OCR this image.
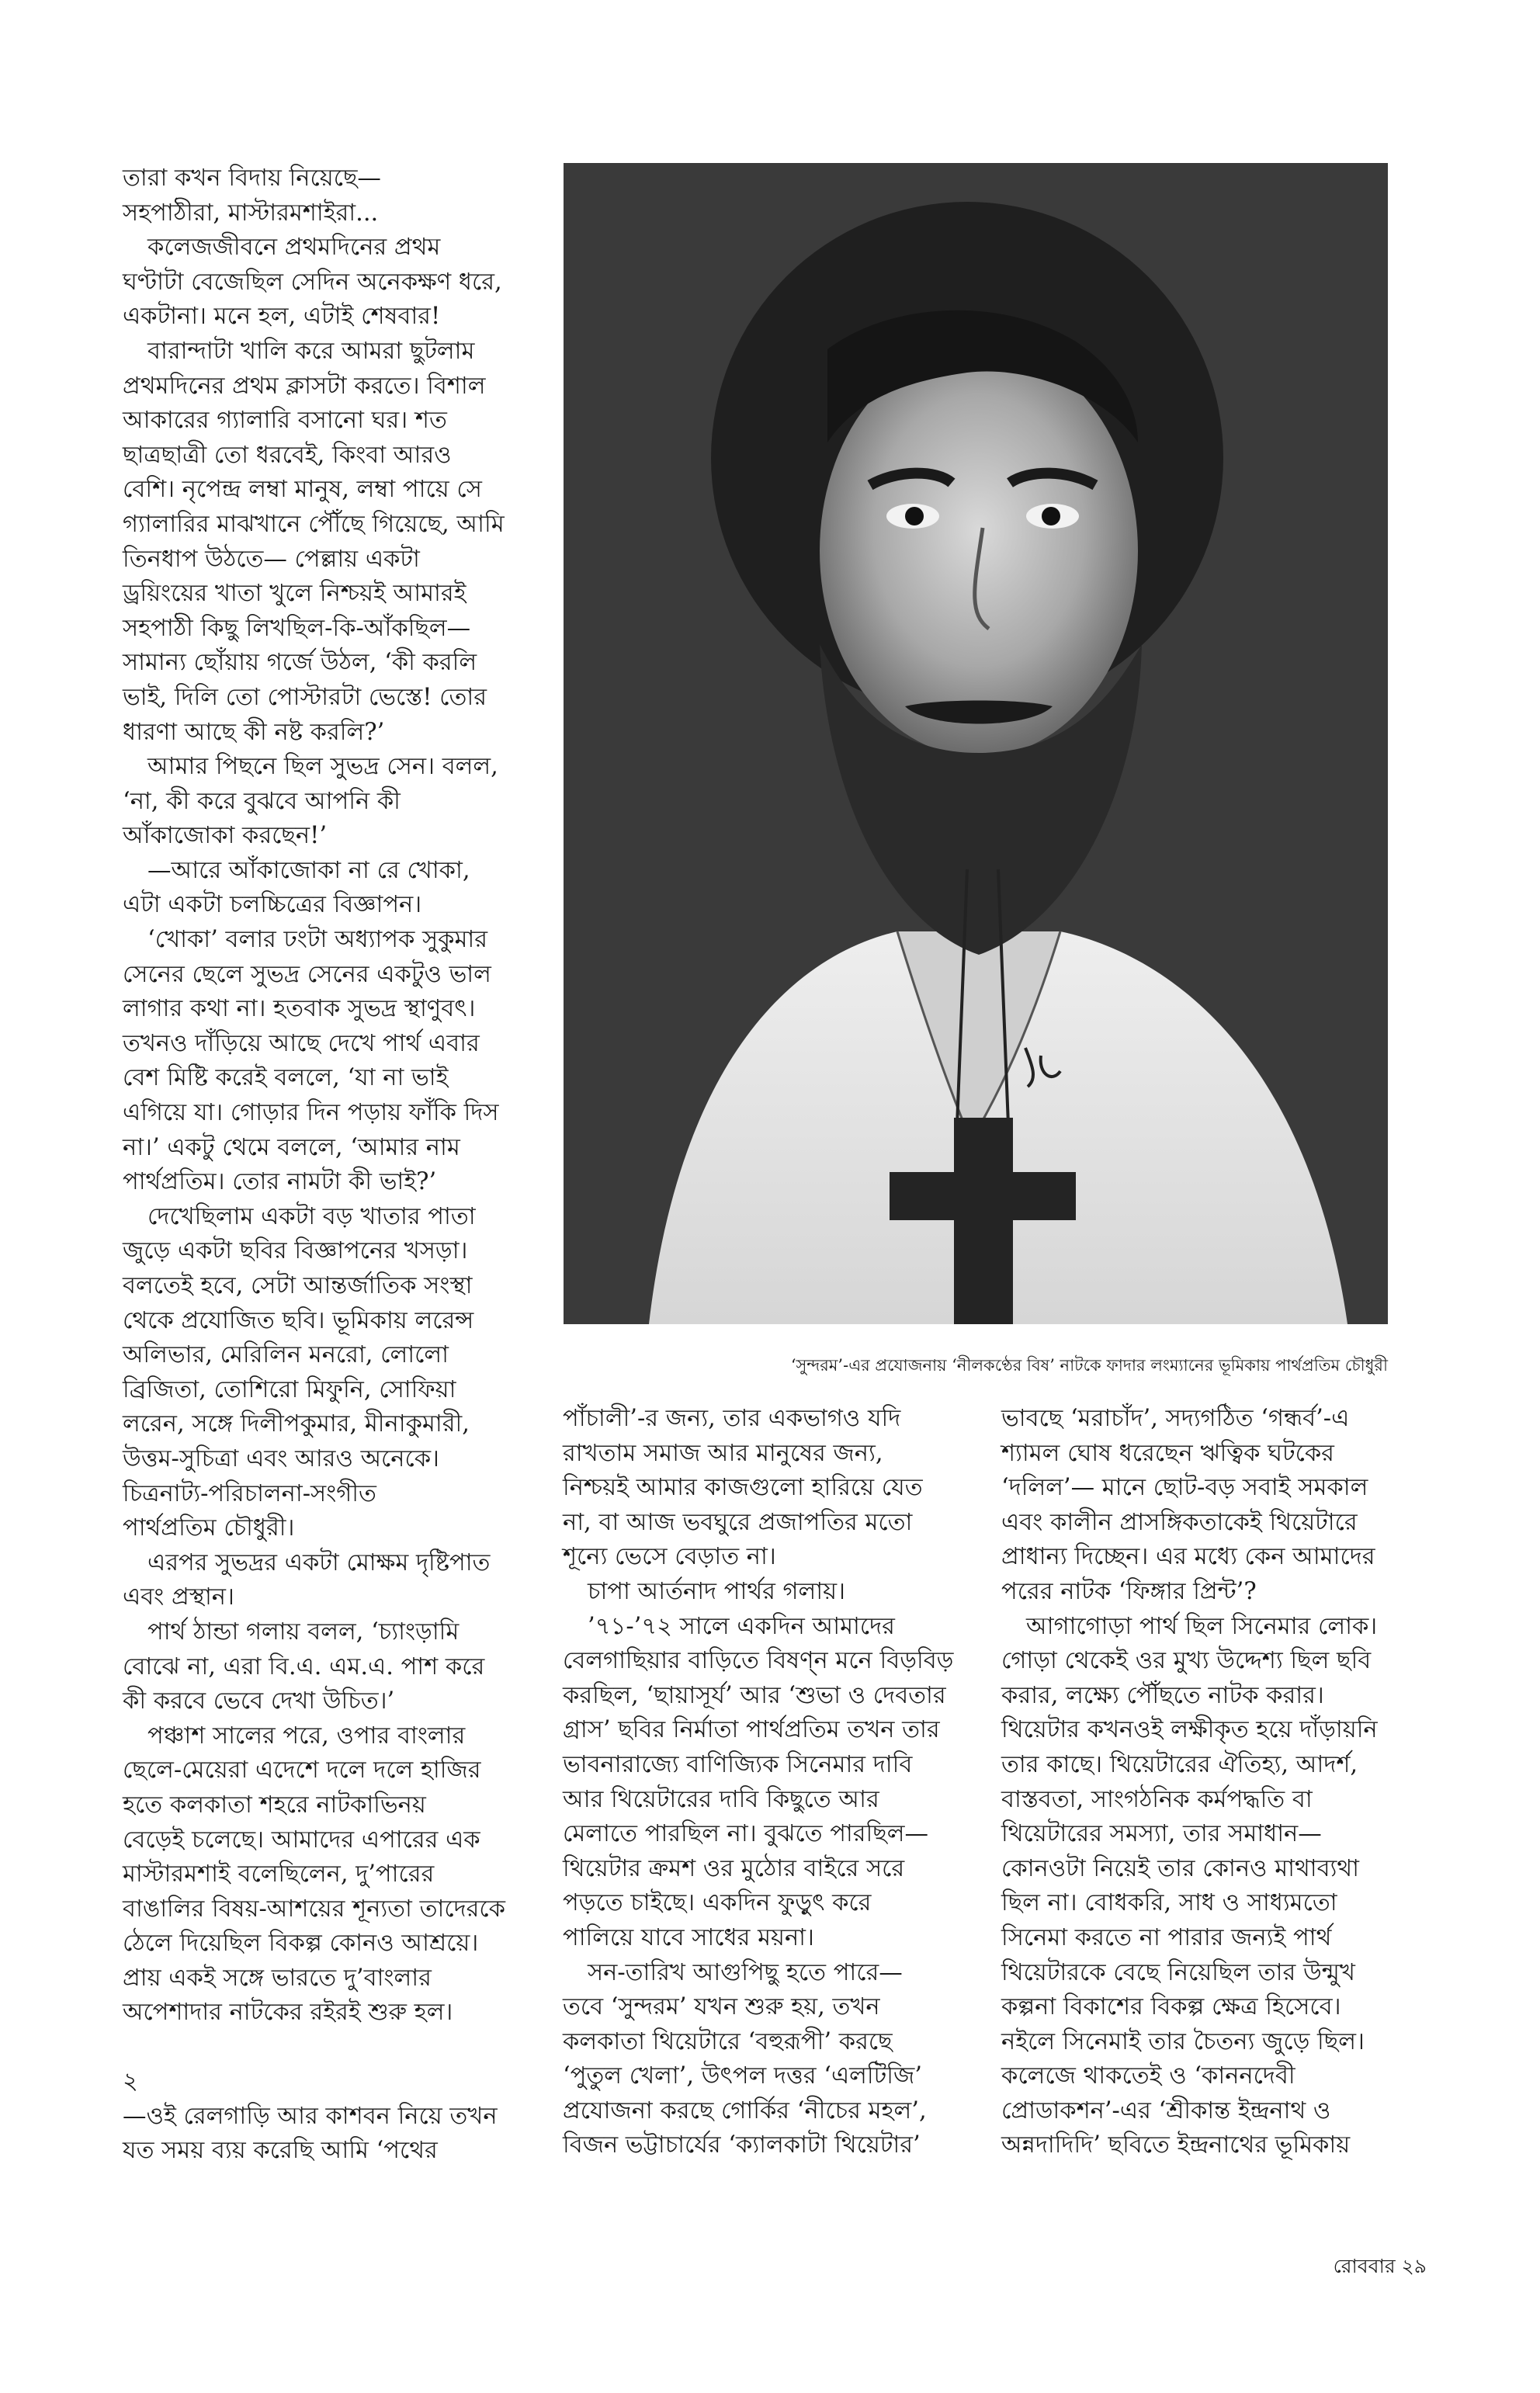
তারা কখন বিদায় নিয়েছে—

সহপাঠীরা, মাস্টারমশাইরা...

কলেজজীবনে প্রথমদিনের প্রথম

ঘণ্টাটা বেজেছিল সেদিন অনেকক্ষণ ধরে,

একটানা। মনে হল, এটাই শেষবার!

বারান্দাটা খালি করে আমরা ছুটলাম

প্রথমদিনের প্রথম ক্লাসটা করতে। বিশাল

আকারের গ্যালারি বসানো ঘর। শত

ছাত্রছাত্রী তো ধরবেই, কিংবা আরও

বেশি। নৃপেন্দ্র লম্বা মানুষ, লম্বা পায়ে সে

গ্যালারির মাঝখানে পৌঁছে গিয়েছে, আমি

তিনধাপ উঠতে— পেল্লায় একটা

ড্রয়িংয়ের খাতা খুলে নিশ্চয়ই আমারই

সহপাঠী কিছু লিখছিল-কি-আঁকছিল—

সামান্য ছোঁয়ায় গর্জে উঠল, ‘কী করলি

ভাই, দিলি তো পোস্টারটা ভেস্তে! তোর

ধারণা আছে কী নষ্ট করলি?’

আমার পিছনে ছিল সুভদ্র সেন। বলল,

‘না, কী করে বুঝবে আপনি কী

আঁকাজোকা করছেন!’

—আরে আঁকাজোকা না রে খোকা,

এটা একটা চলচ্চিত্রের বিজ্ঞাপন।

‘খোকা’ বলার ঢংটা অধ্যাপক সুকুমার

সেনের ছেলে সুভদ্র সেনের একটুও ভাল

লাগার কথা না। হতবাক সুভদ্র স্থাণুবৎ।

তখনও দাঁড়িয়ে আছে দেখে পার্থ এবার

বেশ মিষ্টি করেই বললে, ‘যা না ভাই

এগিয়ে যা। গোড়ার দিন পড়ায় ফাঁকি দিস

না।’ একটু থেমে বললে, ‘আমার নাম

পার্থপ্রতিম। তোর নামটা কী ভাই?’

দেখেছিলাম একটা বড় খাতার পাতা

জুড়ে একটা ছবির বিজ্ঞাপনের খসড়া।

বলতেই হবে, সেটা আন্তর্জাতিক সংস্থা

থেকে প্রযোজিত ছবি। ভূমিকায় লরেন্স

অলিভার, মেরিলিন মনরো, লোলো

ব্রিজিতা, তোশিরো মিফুনি, সোফিয়া

লরেন, সঙ্গে দিলীপকুমার, মীনাকুমারী,

উত্তম-সুচিত্রা এবং আরও অনেকে।

চিত্রনাট্য-পরিচালনা-সংগীত

পার্থপ্রতিম চৌধুরী।

এরপর সুভদ্রর একটা মোক্ষম দৃষ্টিপাত

এবং প্রস্থান।

পার্থ ঠান্ডা গলায় বলল, ‘চ্যাংড়ামি

বোঝে না, এরা বি.এ. এম.এ. পাশ করে

কী করবে ভেবে দেখা উচিত।’

পঞ্চাশ সালের পরে, ওপার বাংলার

ছেলে-মেয়েরা এদেশে দলে দলে হাজির

হতে কলকাতা শহরে নাটকাভিনয়

বেড়েই চলেছে। আমাদের এপারের এক

মাস্টারমশাই বলেছিলেন, দু’পারের

বাঙালির বিষয়-আশয়ের শূন্যতা তাদেরকে

ঠেলে দিয়েছিল বিকল্প কোনও আশ্রয়ে।

প্রায় একই সঙ্গে ভারতে দু’বাংলার

অপেশাদার নাটকের রইরই শুরু হল।

২

—ওই রেলগাড়ি আর কাশবন নিয়ে তখন

যত সময় ব্যয় করেছি আমি ‘পথের

‘সুন্দরম’-এর প্রযোজনায় ‘নীলকণ্ঠের বিষ’ নাটকে ফাদার লংম্যানের ভূমিকায় পার্থপ্রতিম চৌধুরী

পাঁচালী’-র জন্য, তার একভাগও যদি

রাখতাম সমাজ আর মানুষের জন্য,

নিশ্চয়ই আমার কাজগুলো হারিয়ে যেত

না, বা আজ ভবঘুরে প্রজাপতির মতো

শূন্যে ভেসে বেড়াত না।

চাপা আর্তনাদ পার্থর গলায়।

’৭১-’৭২ সালে একদিন আমাদের

বেলগাছিয়ার বাড়িতে বিষণ্ন মনে বিড়বিড়

করছিল, ‘ছায়াসূর্য’ আর ‘শুভা ও দেবতার

গ্রাস’ ছবির নির্মাতা পার্থপ্রতিম তখন তার

ভাবনারাজ্যে বাণিজ্যিক সিনেমার দাবি

আর থিয়েটারের দাবি কিছুতে আর

মেলাতে পারছিল না। বুঝতে পারছিল—

থিয়েটার ক্রমশ ওর মুঠোর বাইরে সরে

পড়তে চাইছে। একদিন ফুড়ুৎ করে

পালিয়ে যাবে সাধের ময়না।

সন-তারিখ আগুপিছু হতে পারে—

তবে ‘সুন্দরম’ যখন শুরু হয়, তখন

কলকাতা থিয়েটারে ‘বহুরূপী’ করছে

‘পুতুল খেলা’, উৎপল দত্তর ‘এলটিজি’

প্রযোজনা করছে গোর্কির ‘নীচের মহল’,

বিজন ভট্টাচার্যের ‘ক্যালকাটা থিয়েটার’

ভাবছে ‘মরাচাঁদ’, সদ্যগঠিত ‘গন্ধর্ব’-এ

শ্যামল ঘোষ ধরেছেন ঋত্বিক ঘটকের

‘দলিল’— মানে ছোট-বড় সবাই সমকাল

এবং কালীন প্রাসঙ্গিকতাকেই থিয়েটারে

প্রাধান্য দিচ্ছেন। এর মধ্যে কেন আমাদের

পরের নাটক ‘ফিঙ্গার প্রিন্ট’?

আগাগোড়া পার্থ ছিল সিনেমার লোক।

গোড়া থেকেই ওর মুখ্য উদ্দেশ্য ছিল ছবি

করার, লক্ষ্যে পৌঁছতে নাটক করার।

থিয়েটার কখনওই লক্ষীকৃত হয়ে দাঁড়ায়নি

তার কাছে। থিয়েটারের ঐতিহ্য, আদর্শ,

বাস্তবতা, সাংগঠনিক কর্মপদ্ধতি বা

থিয়েটারের সমস্যা, তার সমাধান—

কোনওটা নিয়েই তার কোনও মাথাব্যথা

ছিল না। বোধকরি, সাধ ও সাধ্যমতো

সিনেমা করতে না পারার জন্যই পার্থ

থিয়েটারকে বেছে নিয়েছিল তার উন্মুখ

কল্পনা বিকাশের বিকল্প ক্ষেত্র হিসেবে।

নইলে সিনেমাই তার চৈতন্য জুড়ে ছিল।

কলেজে থাকতেই ও ‘কাননদেবী

প্রোডাকশন’-এর ‘শ্রীকান্ত ইন্দ্রনাথ ও

অন্নদাদিদি’ ছবিতে ইন্দ্রনাথের ভূমিকায়

রোববার ২৯
